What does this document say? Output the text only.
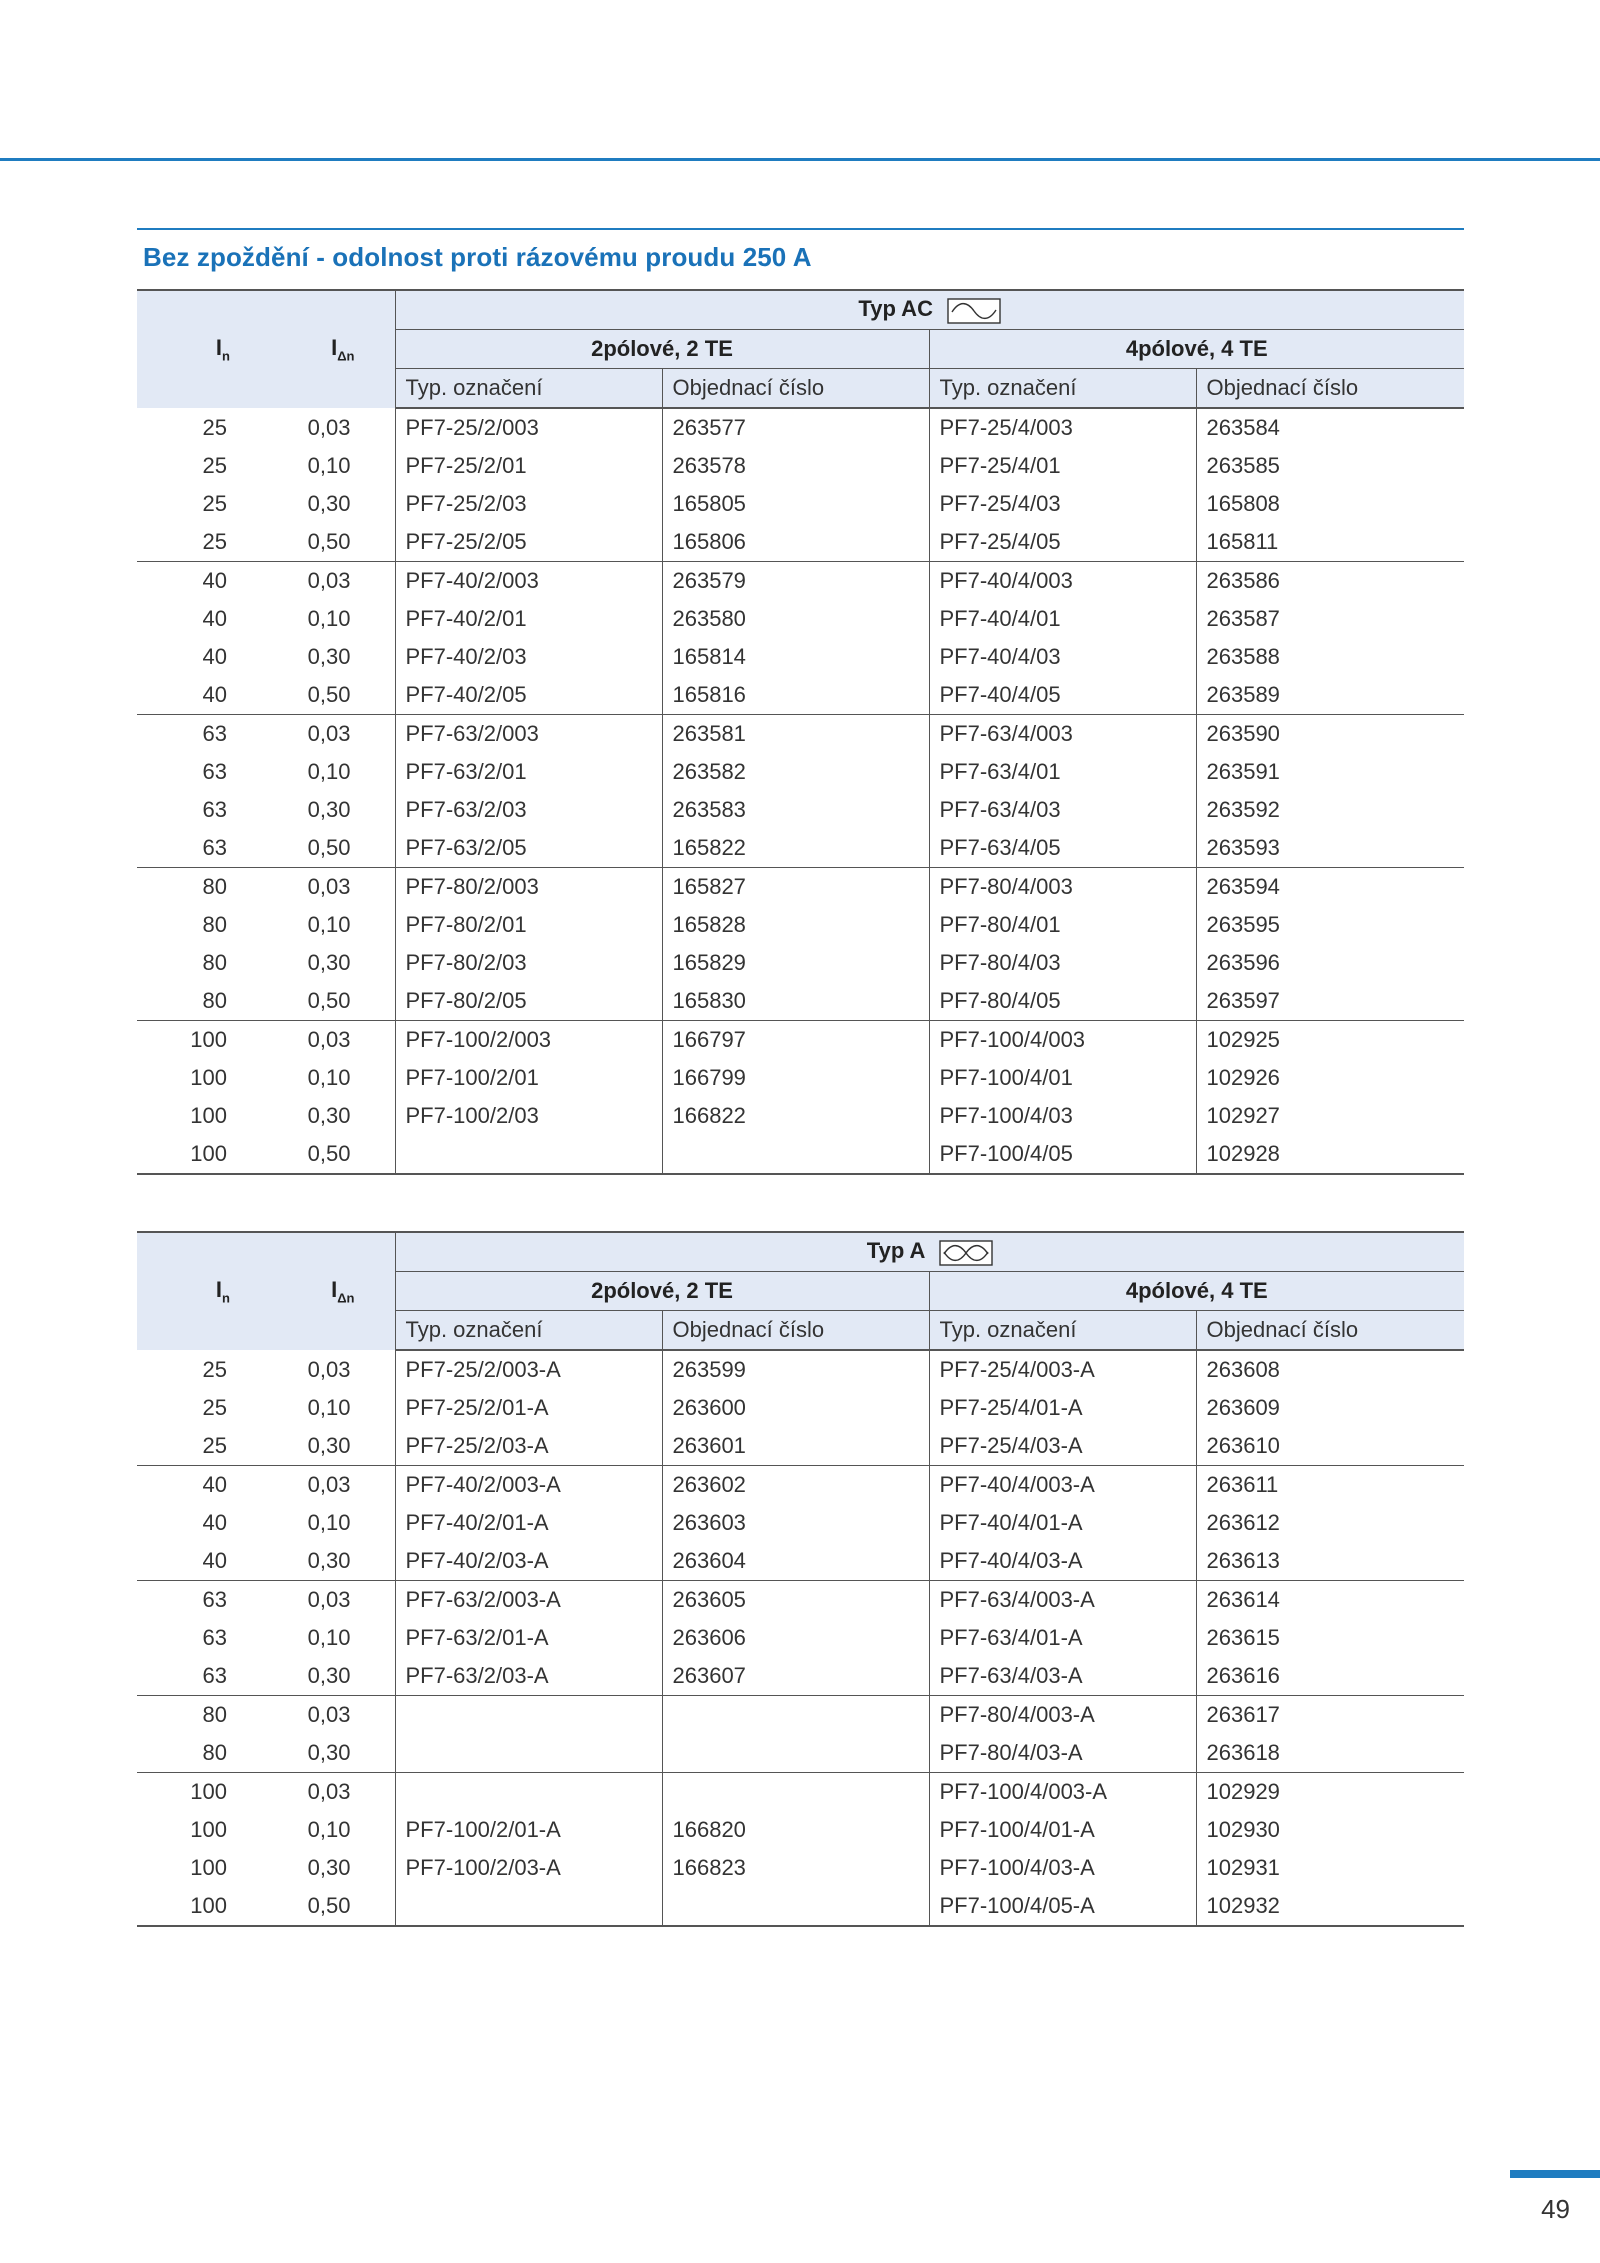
Bez zpoždění - odolnost proti rázovému proudu 250 A
$I_n$	$I_{\Delta n}$	Typ AC			
		2pólové, 2 TE		4pólové, 4 TE	
		Typ. označení	Objednací číslo	Typ. označení	Objednací číslo
25	0,03	PF7-25/2/003	263577	PF7-25/4/003	263584
25	0,10	PF7-25/2/01	263578	PF7-25/4/01	263585
25	0,30	PF7-25/2/03	165805	PF7-25/4/03	165808
25	0,50	PF7-25/2/05	165806	PF7-25/4/05	165811
40	0,03	PF7-40/2/003	263579	PF7-40/4/003	263586
40	0,10	PF7-40/2/01	263580	PF7-40/4/01	263587
40	0,30	PF7-40/2/03	165814	PF7-40/4/03	263588
40	0,50	PF7-40/2/05	165816	PF7-40/4/05	263589
63	0,03	PF7-63/2/003	263581	PF7-63/4/003	263590
63	0,10	PF7-63/2/01	263582	PF7-63/4/01	263591
63	0,30	PF7-63/2/03	263583	PF7-63/4/03	263592
63	0,50	PF7-63/2/05	165822	PF7-63/4/05	263593
80	0,03	PF7-80/2/003	165827	PF7-80/4/003	263594
80	0,10	PF7-80/2/01	165828	PF7-80/4/01	263595
80	0,30	PF7-80/2/03	165829	PF7-80/4/03	263596
80	0,50	PF7-80/2/05	165830	PF7-80/4/05	263597
100	0,03	PF7-100/2/003	166797	PF7-100/4/003	102925
100	0,10	PF7-100/2/01	166799	PF7-100/4/01	102926
100	0,30	PF7-100/2/03	166822	PF7-100/4/03	102927
100	0,50			PF7-100/4/05	102928
$I_n$	$I_{\Delta n}$	Typ A			
		2pólové, 2 TE		4pólové, 4 TE	
		Typ. označení	Objednací číslo	Typ. označení	Objednací číslo
25	0,03	PF7-25/2/003-A	263599	PF7-25/4/003-A	263608
25	0,10	PF7-25/2/01-A	263600	PF7-25/4/01-A	263609
25	0,30	PF7-25/2/03-A	263601	PF7-25/4/03-A	263610
40	0,03	PF7-40/2/003-A	263602	PF7-40/4/003-A	263611
40	0,10	PF7-40/2/01-A	263603	PF7-40/4/01-A	263612
40	0,30	PF7-40/2/03-A	263604	PF7-40/4/03-A	263613
63	0,03	PF7-63/2/003-A	263605	PF7-63/4/003-A	263614
63	0,10	PF7-63/2/01-A	263606	PF7-63/4/01-A	263615
63	0,30	PF7-63/2/03-A	263607	PF7-63/4/03-A	263616
80	0,03			PF7-80/4/003-A	263617
80	0,30			PF7-80/4/03-A	263618
100	0,03			PF7-100/4/003-A	102929
100	0,10	PF7-100/2/01-A	166820	PF7-100/4/01-A	102930
100	0,30	PF7-100/2/03-A	166823	PF7-100/4/03-A	102931
100	0,50			PF7-100/4/05-A	102932
49
